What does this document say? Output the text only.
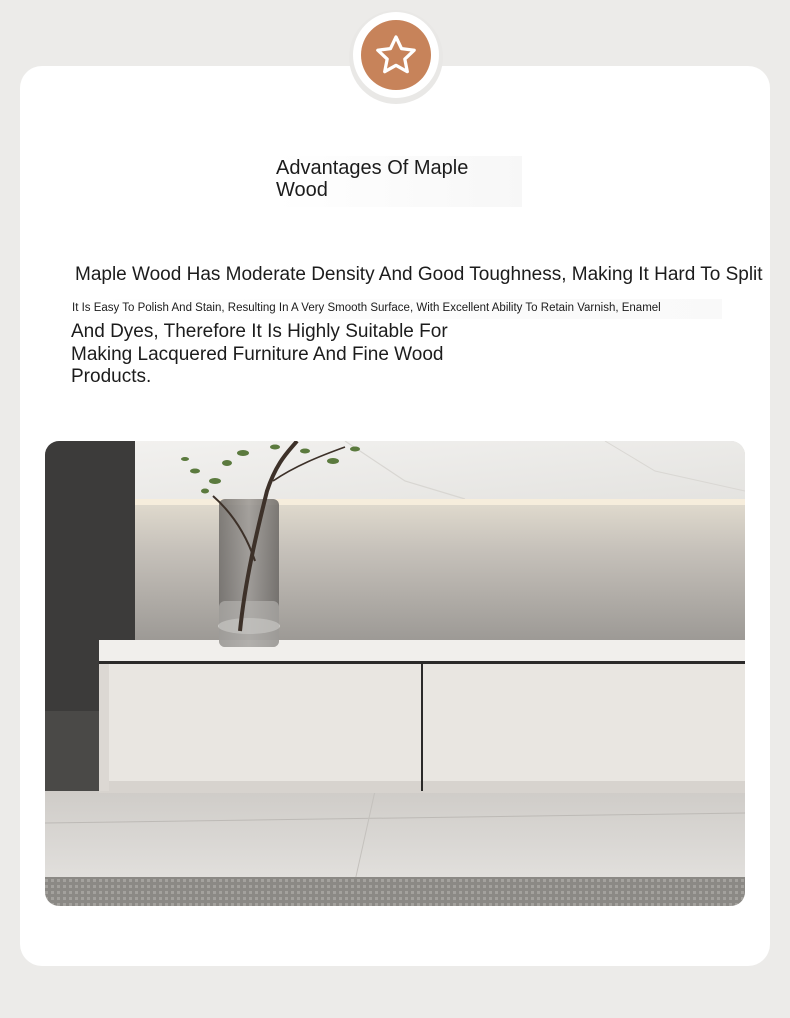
Advantages Of Maple Wood

Maple Wood Has Moderate Density And Good Toughness, Making It Hard To Split

It Is Easy To Polish And Stain, Resulting In A Very Smooth Surface, With Excellent Ability To Retain Varnish, Enamel

And Dyes, Therefore It Is Highly Suitable For Making Lacquered Furniture And Fine Wood Products.
